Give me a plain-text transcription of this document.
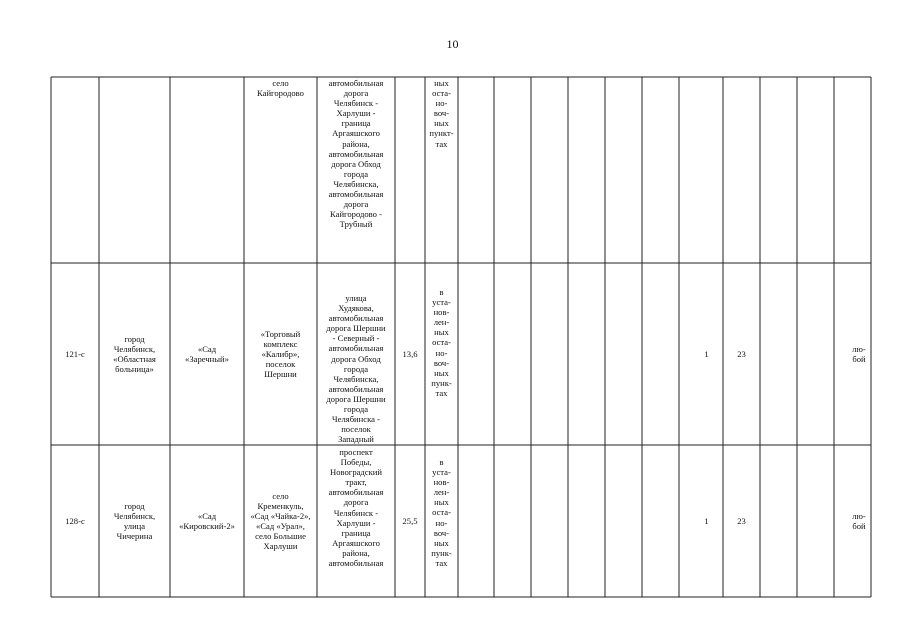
10
село
Кайгородово
автомобильная
дорога
Челябинск -
Харлуши -
граница
Аргаяшского
района,
автомобильная
дорога Обход
города
Челябинска,
автомобильная
дорога
Кайгородово -
Трубный
ных
оста-
но-
воч-
ных
пункт-
тах
121-с
город
Челябинск,
«Областная
больница»
«Сад
«Заречный»
«Торговый
комплекс
«Калибр»,
поселок
Шершни
улица
Худякова,
автомобильная
дорога Шершни
- Северный -
автомобильная
дорога Обход
города
Челябинска,
автомобильная
дорога Шершни
города
Челябинска -
поселок
Западный
13,6
в
уста-
нов-
лен-
ных
оста-
но-
воч-
ных
пунк-
тах
1	23
лю-
бой
128-с
город
Челябинск,
улица
Чичерина
«Сад
«Кировский-2»
село
Кременкуль,
«Сад «Чайка-2»,
«Сад «Урал»,
село Большие
Харлуши
проспект
Победы,
Новоградский
тракт,
автомобильная
дорога
Челябинск -
Харлуши -
граница
Аргаяшского
района,
автомобильная
25,5
в
уста-
нов-
лен-
ных
оста-
но-
воч-
ных
пунк-
тах
1	23
лю-
бой
